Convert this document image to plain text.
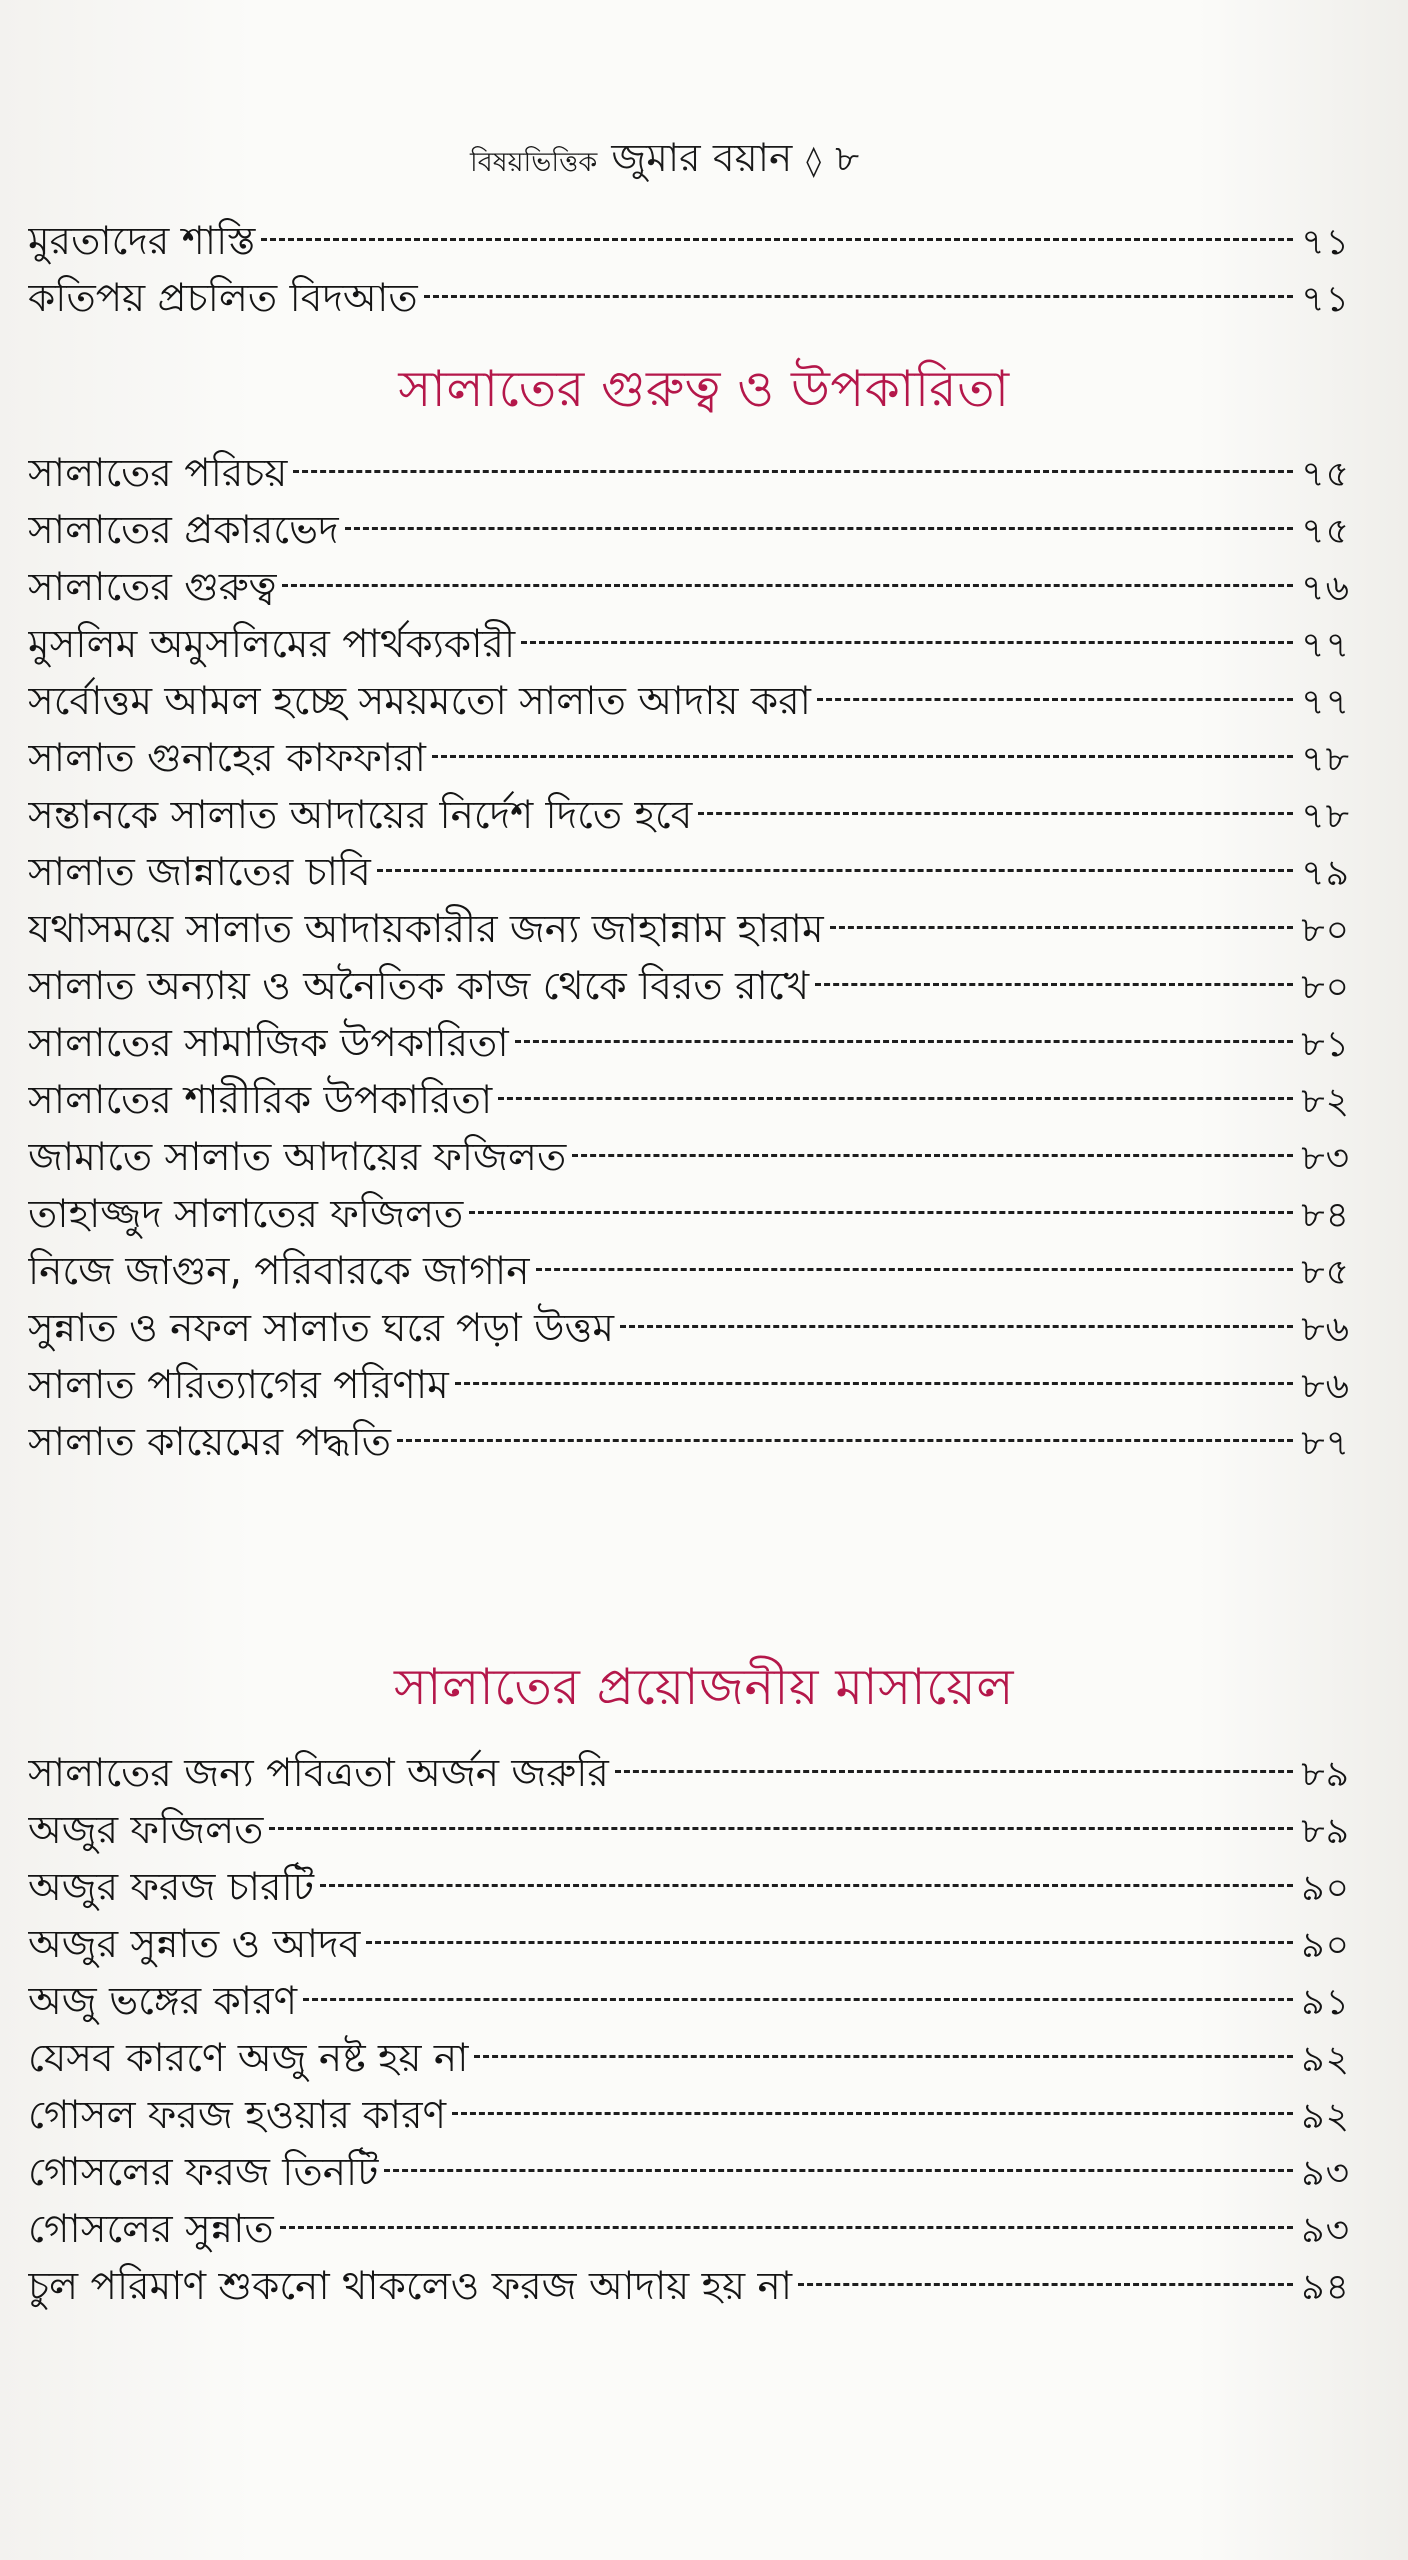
বিষয়ভিত্তিক জুমার বয়ান ◊ ৮
মুরতাদের শাস্তি	৭১
কতিপয় প্রচলিত বিদআত	৭১
সালাতের গুরুত্ব ও উপকারিতা
সালাতের পরিচয়	৭৫
সালাতের প্রকারভেদ	৭৫
সালাতের গুরুত্ব	৭৬
মুসলিম অমুসলিমের পার্থক্যকারী	৭৭
সর্বোত্তম আমল হচ্ছে সময়মতো সালাত আদায় করা	৭৭
সালাত গুনাহের কাফফারা	৭৮
সন্তানকে সালাত আদায়ের নির্দেশ দিতে হবে	৭৮
সালাত জান্নাতের চাবি	৭৯
যথাসময়ে সালাত আদায়কারীর জন্য জাহান্নাম হারাম	৮০
সালাত অন্যায় ও অনৈতিক কাজ থেকে বিরত রাখে	৮০
সালাতের সামাজিক উপকারিতা	৮১
সালাতের শারীরিক উপকারিতা	৮২
জামাতে সালাত আদায়ের ফজিলত	৮৩
তাহাজ্জুদ সালাতের ফজিলত	৮৪
নিজে জাগুন, পরিবারকে জাগান	৮৫
সুন্নাত ও নফল সালাত ঘরে পড়া উত্তম	৮৬
সালাত পরিত্যাগের পরিণাম	৮৬
সালাত কায়েমের পদ্ধতি	৮৭
সালাতের প্রয়োজনীয় মাসায়েল
সালাতের জন্য পবিত্রতা অর্জন জরুরি	৮৯
অজুর ফজিলত	৮৯
অজুর ফরজ চারটি	৯০
অজুর সুন্নাত ও আদব	৯০
অজু ভঙ্গের কারণ	৯১
যেসব কারণে অজু নষ্ট হয় না	৯২
গোসল ফরজ হওয়ার কারণ	৯২
গোসলের ফরজ তিনটি	৯৩
গোসলের সুন্নাত	৯৩
চুল পরিমাণ শুকনো থাকলেও ফরজ আদায় হয় না	৯৪
